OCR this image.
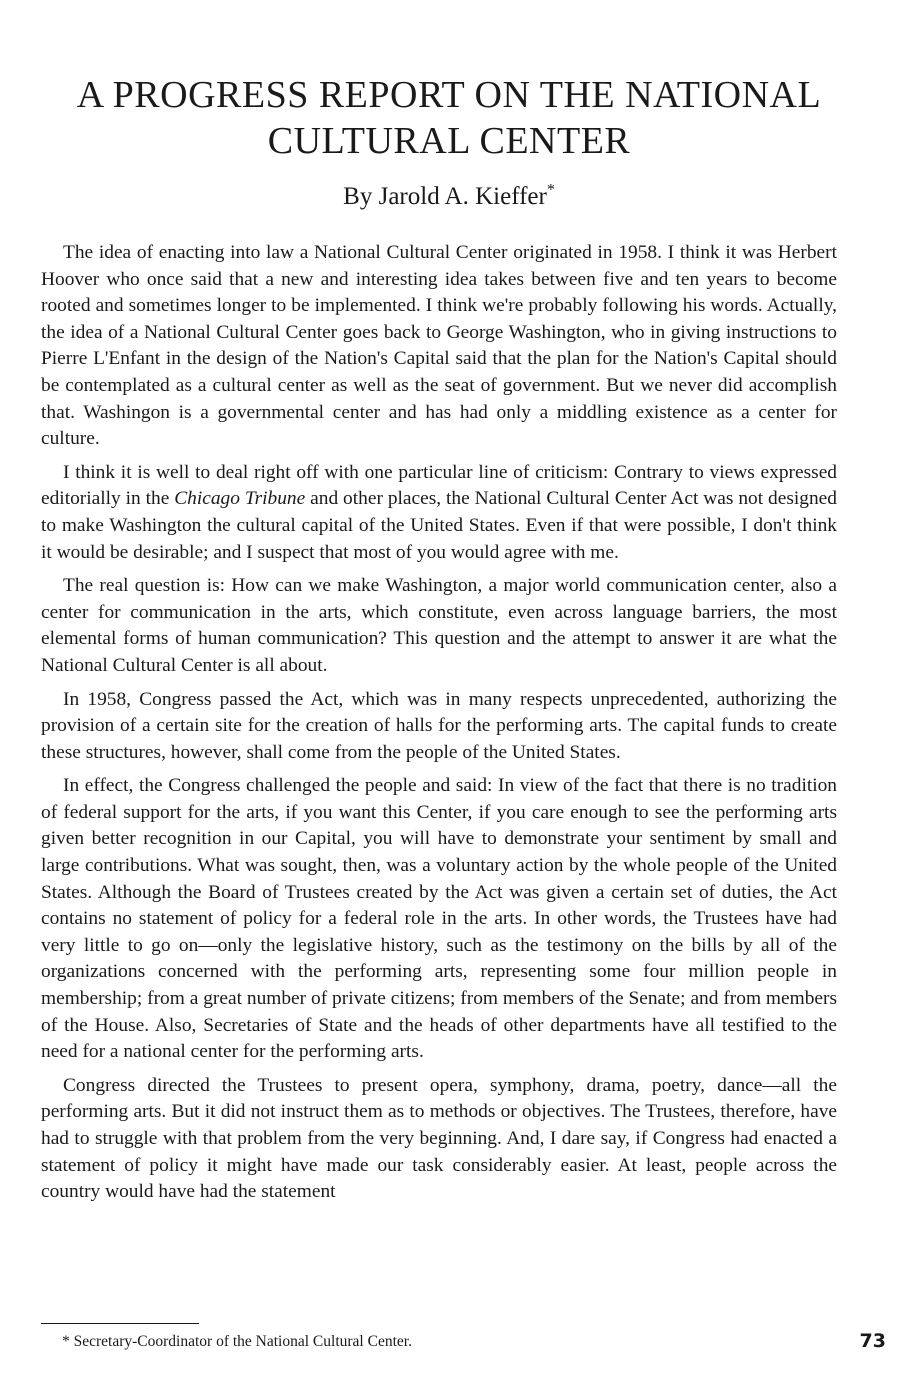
A PROGRESS REPORT ON THE NATIONAL CULTURAL CENTER

By Jarold A. Kieffer*

The idea of enacting into law a National Cultural Center originated in 1958. I think it was Herbert Hoover who once said that a new and interesting idea takes between five and ten years to become rooted and sometimes longer to be implemented. I think we're probably following his words. Actually, the idea of a National Cultural Center goes back to George Washington, who in giving instructions to Pierre L'Enfant in the design of the Nation's Capital said that the plan for the Nation's Capital should be contemplated as a cultural center as well as the seat of government. But we never did accomplish that. Washingon is a governmental center and has had only a middling existence as a center for culture.

I think it is well to deal right off with one particular line of criticism: Contrary to views expressed editorially in the Chicago Tribune and other places, the National Cultural Center Act was not designed to make Washington the cultural capital of the United States. Even if that were possible, I don't think it would be desirable; and I suspect that most of you would agree with me.

The real question is: How can we make Washington, a major world communication center, also a center for communication in the arts, which constitute, even across language barriers, the most elemental forms of human communication? This question and the attempt to answer it are what the National Cultural Center is all about.

In 1958, Congress passed the Act, which was in many respects unprecedented, authorizing the provision of a certain site for the creation of halls for the performing arts. The capital funds to create these structures, however, shall come from the people of the United States.

In effect, the Congress challenged the people and said: In view of the fact that there is no tradition of federal support for the arts, if you want this Center, if you care enough to see the performing arts given better recognition in our Capital, you will have to demonstrate your sentiment by small and large contributions. What was sought, then, was a voluntary action by the whole people of the United States. Although the Board of Trustees created by the Act was given a certain set of duties, the Act contains no statement of policy for a federal role in the arts. In other words, the Trustees have had very little to go on—only the legislative history, such as the testimony on the bills by all of the organizations concerned with the performing arts, representing some four million people in membership; from a great number of private citizens; from members of the Senate; and from members of the House. Also, Secretaries of State and the heads of other departments have all testified to the need for a national center for the performing arts.

Congress directed the Trustees to present opera, symphony, drama, poetry, dance—all the performing arts. But it did not instruct them as to methods or objectives. The Trustees, therefore, have had to struggle with that problem from the very beginning. And, I dare say, if Congress had enacted a statement of policy it might have made our task considerably easier. At least, people across the country would have had the statement

* Secretary-Coordinator of the National Cultural Center.	73
